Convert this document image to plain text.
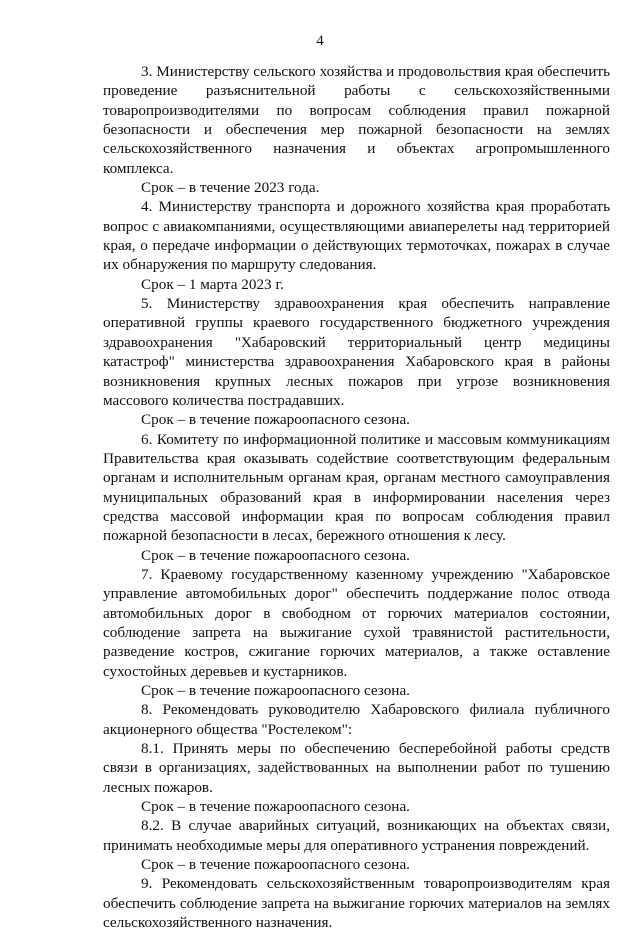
4

3. Министерству сельского хозяйства и продовольствия края обеспечить проведение разъяснительной работы с сельскохозяйственными товаропроизводителями по вопросам соблюдения правил пожарной безопасности и обеспечения мер пожарной безопасности на землях сельскохозяйственного назначения и объектах агропромышленного комплекса.

Срок – в течение 2023 года.

4. Министерству транспорта и дорожного хозяйства края проработать вопрос с авиакомпаниями, осуществляющими авиаперелеты над территорией края, о передаче информации о действующих термоточках, пожарах в случае их обнаружения по маршруту следования.

Срок – 1 марта 2023 г.

5. Министерству здравоохранения края обеспечить направление оперативной группы краевого государственного бюджетного учреждения здравоохранения "Хабаровский территориальный центр медицины катастроф" министерства здравоохранения Хабаровского края в районы возникновения крупных лесных пожаров при угрозе возникновения массового количества пострадавших.

Срок – в течение пожароопасного сезона.

6. Комитету по информационной политике и массовым коммуникациям Правительства края оказывать содействие соответствующим федеральным органам и исполнительным органам края, органам местного самоуправления муниципальных образований края в информировании населения через средства массовой информации края по вопросам соблюдения правил пожарной безопасности в лесах, бережного отношения к лесу.

Срок – в течение пожароопасного сезона.

7. Краевому государственному казенному учреждению "Хабаровское управление автомобильных дорог" обеспечить поддержание полос отвода автомобильных дорог в свободном от горючих материалов состоянии, соблюдение запрета на выжигание сухой травянистой растительности, разведение костров, сжигание горючих материалов, а также оставление сухостойных деревьев и кустарников.

Срок – в течение пожароопасного сезона.

8. Рекомендовать руководителю Хабаровского филиала публичного акционерного общества "Ростелеком":

8.1. Принять меры по обеспечению бесперебойной работы средств связи в организациях, задействованных на выполнении работ по тушению лесных пожаров.

Срок – в течение пожароопасного сезона.

8.2. В случае аварийных ситуаций, возникающих на объектах связи, принимать необходимые меры для оперативного устранения повреждений.

Срок – в течение пожароопасного сезона.

9. Рекомендовать сельскохозяйственным товаропроизводителям края обеспечить соблюдение запрета на выжигание горючих материалов на землях сельскохозяйственного назначения.
